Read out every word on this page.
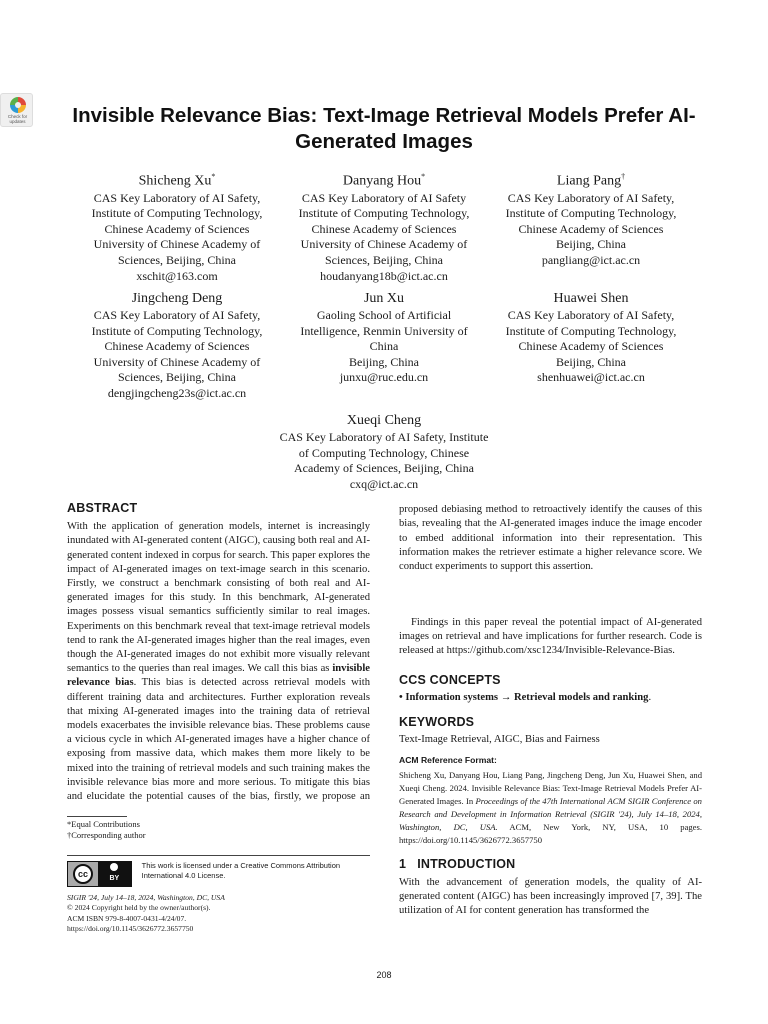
Check for
updates	Invisible Relevance Bias: Text-Image Retrieval Models Prefer AI-Generated Images
Shicheng Xu*
CAS Key Laboratory of AI Safety,
Institute of Computing Technology,
Chinese Academy of Sciences
University of Chinese Academy of
Sciences, Beijing, China
xschit@163.com
Danyang Hou*
CAS Key Laboratory of AI Safety
Institute of Computing Technology,
Chinese Academy of Sciences
University of Chinese Academy of
Sciences, Beijing, China
houdanyang18b@ict.ac.cn
Liang Pang†
CAS Key Laboratory of AI Safety,
Institute of Computing Technology,
Chinese Academy of Sciences
Beijing, China
pangliang@ict.ac.cn
Jingcheng Deng
CAS Key Laboratory of AI Safety,
Institute of Computing Technology,
Chinese Academy of Sciences
University of Chinese Academy of
Sciences, Beijing, China
dengjingcheng23s@ict.ac.cn
Jun Xu
Gaoling School of Artificial
Intelligence, Renmin University of
China
Beijing, China
junxu@ruc.edu.cn
Huawei Shen
CAS Key Laboratory of AI Safety,
Institute of Computing Technology,
Chinese Academy of Sciences
Beijing, China
shenhuawei@ict.ac.cn
Xueqi Cheng
CAS Key Laboratory of AI Safety, Institute
of Computing Technology, Chinese
Academy of Sciences, Beijing, China
cxq@ict.ac.cn
ABSTRACT

With the application of generation models, internet is increasingly inundated with AI-generated content (AIGC), causing both real and AI-generated content indexed in corpus for search. This paper explores the impact of AI-generated images on text-image search in this scenario. Firstly, we construct a benchmark consisting of both real and AI-generated images for this study. In this benchmark, AI-generated images possess visual semantics sufficiently similar to real images. Experiments on this benchmark reveal that text-image retrieval models tend to rank the AI-generated images higher than the real images, even though the AI-generated images do not exhibit more visually relevant semantics to the queries than real images. We call this bias as invisible relevance bias. This bias is detected across retrieval models with different training data and architectures. Further exploration reveals that mixing AI-generated images into the training data of retrieval models exacerbates the invisible relevance bias. These problems cause a vicious cycle in which AI-generated images have a higher chance of exposing from massive data, which makes them more likely to be mixed into the training of retrieval models and such training makes the invisible relevance bias more and more serious. To mitigate this bias and elucidate the potential causes of the bias, firstly, we propose an

*Equal Contributions
†Corresponding author
cc	BY
This work is licensed under a Creative Commons Attribution International 4.0 License.
SIGIR '24, July 14–18, 2024, Washington, DC, USA
© 2024 Copyright held by the owner/author(s).
ACM ISBN 979-8-4007-0431-4/24/07.
https://doi.org/10.1145/3626772.3657750

proposed debiasing method to retroactively identify the causes of this bias, revealing that the AI-generated images induce the image encoder to embed additional information into their representation. This information makes the retriever estimate a higher relevance score. We conduct experiments to support this assertion.

Findings in this paper reveal the potential impact of AI-generated images on retrieval and have implications for further research. Code is released at https://github.com/xsc1234/Invisible-Relevance-Bias.

CCS CONCEPTS

• Information systems → Retrieval models and ranking.

KEYWORDS

Text-Image Retrieval, AIGC, Bias and Fairness

ACM Reference Format:

Shicheng Xu, Danyang Hou, Liang Pang, Jingcheng Deng, Jun Xu, Huawei Shen, and Xueqi Cheng. 2024. Invisible Relevance Bias: Text-Image Retrieval Models Prefer AI-Generated Images. In Proceedings of the 47th International ACM SIGIR Conference on Research and Development in Information Retrieval (SIGIR '24), July 14–18, 2024, Washington, DC, USA. ACM, New York, NY, USA, 10 pages. https://doi.org/10.1145/3626772.3657750

1 INTRODUCTION

With the advancement of generation models, the quality of AI-generated content (AIGC) has been increasingly improved [7, 39]. The utilization of AI for content generation has transformed the

208
